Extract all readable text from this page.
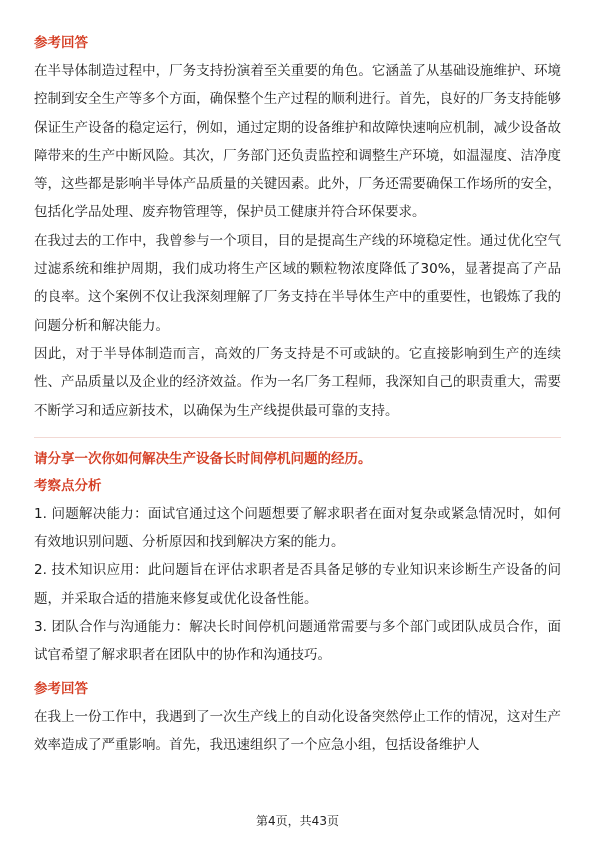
参考回答

在半导体制造过程中，厂务支持扮演着至关重要的角色。它涵盖了从基础设施维护、环境控制到安全生产等多个方面，确保整个生产过程的顺利进行。首先，良好的厂务支持能够保证生产设备的稳定运行，例如，通过定期的设备维护和故障快速响应机制，减少设备故障带来的生产中断风险。其次，厂务部门还负责监控和调整生产环境，如温湿度、洁净度等，这些都是影响半导体产品质量的关键因素。此外，厂务还需要确保工作场所的安全，包括化学品处理、废弃物管理等，保护员工健康并符合环保要求。

在我过去的工作中，我曾参与一个项目，目的是提高生产线的环境稳定性。通过优化空气过滤系统和维护周期，我们成功将生产区域的颗粒物浓度降低了30%，显著提高了产品的良率。这个案例不仅让我深刻理解了厂务支持在半导体生产中的重要性，也锻炼了我的问题分析和解决能力。

因此，对于半导体制造而言，高效的厂务支持是不可或缺的。它直接影响到生产的连续性、产品质量以及企业的经济效益。作为一名厂务工程师，我深知自己的职责重大，需要不断学习和适应新技术，以确保为生产线提供最可靠的支持。

请分享一次你如何解决生产设备长时间停机问题的经历。
考察点分析

1. 问题解决能力：面试官通过这个问题想要了解求职者在面对复杂或紧急情况时，如何有效地识别问题、分析原因和找到解决方案的能力。

2. 技术知识应用：此问题旨在评估求职者是否具备足够的专业知识来诊断生产设备的问题，并采取合适的措施来修复或优化设备性能。

3. 团队合作与沟通能力：解决长时间停机问题通常需要与多个部门或团队成员合作，面试官希望了解求职者在团队中的协作和沟通技巧。

参考回答

在我上一份工作中，我遇到了一次生产线上的自动化设备突然停止工作的情况，这对生产效率造成了严重影响。首先，我迅速组织了一个应急小组，包括设备维护人

第4页，共43页
